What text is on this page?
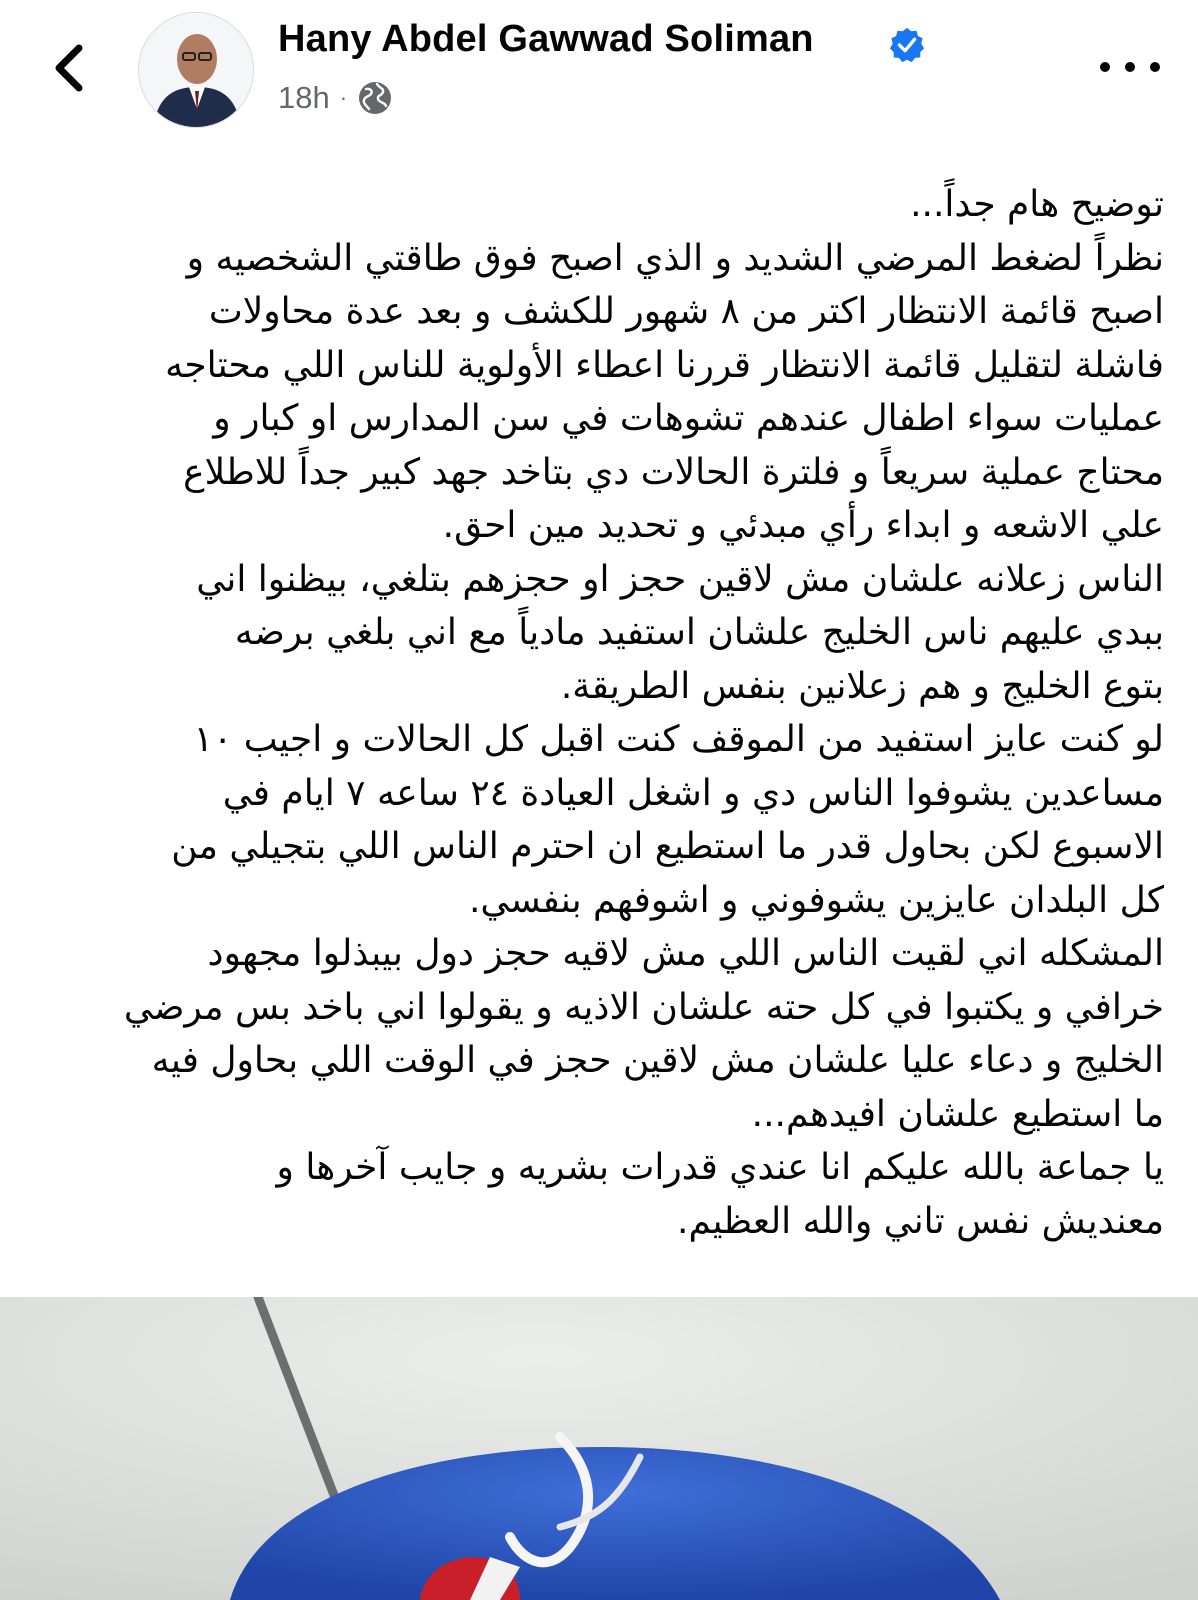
Hany Abdel Gawwad Soliman
18h ·

توضيح هام جداً...

نظراً لضغط المرضي الشديد و الذي اصبح فوق طاقتي الشخصيه و

اصبح قائمة الانتظار اكتر من ٨ شهور للكشف و بعد عدة محاولات

فاشلة لتقليل قائمة الانتظار قررنا اعطاء الأولوية للناس اللي محتاجه

عمليات سواء اطفال عندهم تشوهات في سن المدارس او كبار و

محتاج عملية سريعاً و فلترة الحالات دي بتاخد جهد كبير جداً للاطلاع

علي الاشعه و ابداء رأي مبدئي و تحديد مين احق.

الناس زعلانه علشان مش لاقين حجز او حجزهم بتلغي، بيظنوا اني

ببدي عليهم ناس الخليج علشان استفيد مادياً مع اني بلغي برضه

بتوع الخليج و هم زعلانين بنفس الطريقة.

لو كنت عايز استفيد من الموقف كنت اقبل كل الحالات و اجيب ١٠

مساعدين يشوفوا الناس دي و اشغل العيادة ٢٤ ساعه ٧ ايام في

الاسبوع لكن بحاول قدر ما استطيع ان احترم الناس اللي بتجيلي من

كل البلدان عايزين يشوفوني و اشوفهم بنفسي.

المشكله اني لقيت الناس اللي مش لاقيه حجز دول بيبذلوا مجهود

خرافي و يكتبوا في كل حته علشان الاذيه و يقولوا اني باخد بس مرضي

الخليج و دعاء عليا علشان مش لاقين حجز في الوقت اللي بحاول فيه

ما استطيع علشان افيدهم...

يا جماعة بالله عليكم انا عندي قدرات بشريه و جايب آخرها و

معنديش نفس تاني والله العظيم.
